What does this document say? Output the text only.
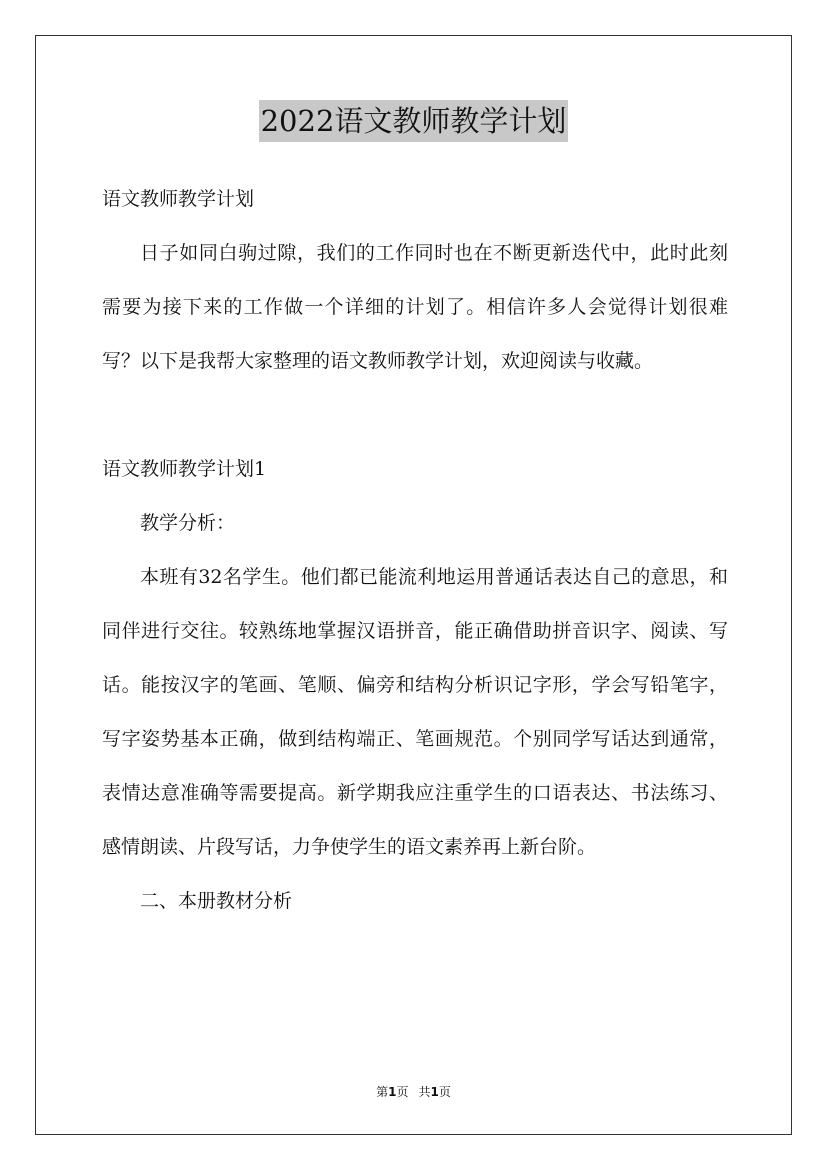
2022语文教师教学计划

语文教师教学计划

日子如同白驹过隙，我们的工作同时也在不断更新迭代中，此时此刻需要为接下来的工作做一个详细的计划了。相信许多人会觉得计划很难写？以下是我帮大家整理的语文教师教学计划，欢迎阅读与收藏。

语文教师教学计划1

教学分析：

本班有32名学生。他们都已能流利地运用普通话表达自己的意思，和同伴进行交往。较熟练地掌握汉语拼音，能正确借助拼音识字、阅读、写话。能按汉字的笔画、笔顺、偏旁和结构分析识记字形，学会写铅笔字，写字姿势基本正确，做到结构端正、笔画规范。个别同学写话达到通常，表情达意准确等需要提高。新学期我应注重学生的口语表达、书法练习、感情朗读、片段写话，力争使学生的语文素养再上新台阶。

二、本册教材分析

第1页 共1页
